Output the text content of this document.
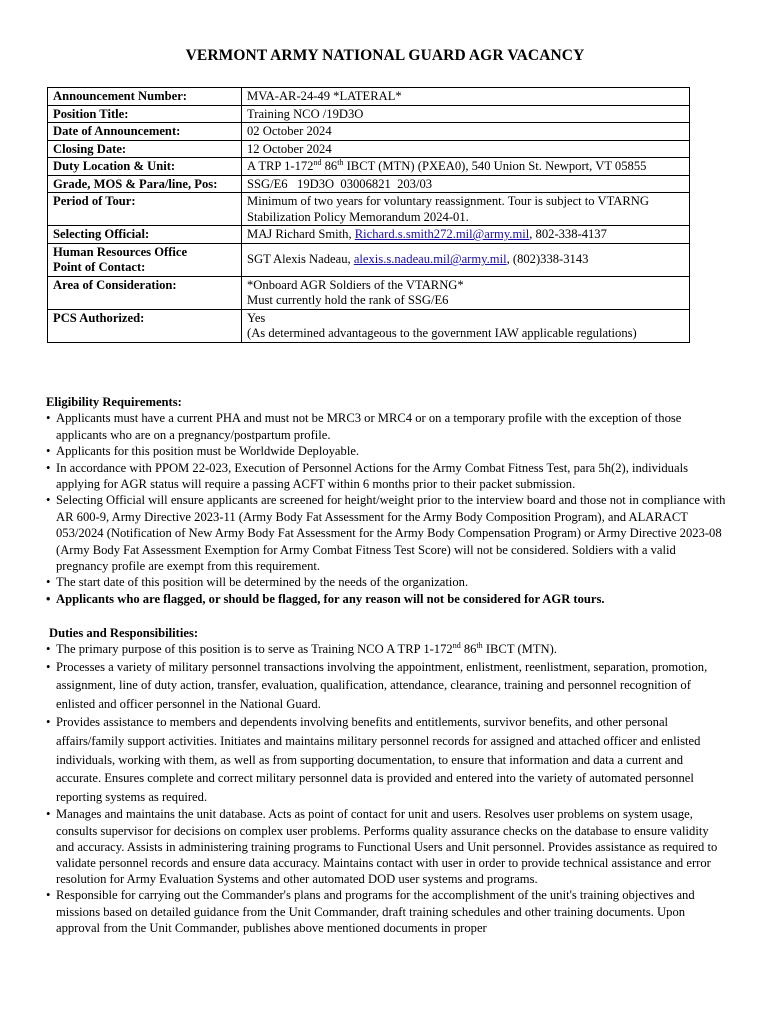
VERMONT ARMY NATIONAL GUARD AGR VACANCY
Announcement Number:	MVA-AR-24-49 *LATERAL*
Position Title:	Training NCO /19D3O
Date of Announcement:	02 October 2024
Closing Date:	12 October 2024
Duty Location & Unit:	A TRP 1-172nd 86th IBCT (MTN) (PXEA0), 540 Union St. Newport, VT 05855
Grade, MOS & Para/line, Pos:	SSG/E6   19D3O  03006821  203/03
Period of Tour:	Minimum of two years for voluntary reassignment. Tour is subject to VTARNG Stabilization Policy Memorandum 2024-01.
Selecting Official:	MAJ Richard Smith, Richard.s.smith272.mil@army.mil, 802-338-4137
Human Resources Office
Point of Contact:	SGT Alexis Nadeau, alexis.s.nadeau.mil@army.mil, (802)338-3143
Area of Consideration:	*Onboard AGR Soldiers of the VTARNG*
Must currently hold the rank of SSG/E6
PCS Authorized:	Yes
(As determined advantageous to the government IAW applicable regulations)
Eligibility Requirements:
• Applicants must have a current PHA and must not be MRC3 or MRC4 or on a temporary profile with the exception of those applicants who are on a pregnancy/postpartum profile.
• Applicants for this position must be Worldwide Deployable.
• In accordance with PPOM 22-023, Execution of Personnel Actions for the Army Combat Fitness Test, para 5h(2), individuals applying for AGR status will require a passing ACFT within 6 months prior to their packet submission.
• Selecting Official will ensure applicants are screened for height/weight prior to the interview board and those not in compliance with AR 600-9, Army Directive 2023-11 (Army Body Fat Assessment for the Army Body Composition Program), and ALARACT 053/2024 (Notification of New Army Body Fat Assessment for the Army Body Compensation Program) or Army Directive 2023-08 (Army Body Fat Assessment Exemption for Army Combat Fitness Test Score) will not be considered. Soldiers with a valid pregnancy profile are exempt from this requirement.
• The start date of this position will be determined by the needs of the organization.
• Applicants who are flagged, or should be flagged, for any reason will not be considered for AGR tours.
Duties and Responsibilities:
• The primary purpose of this position is to serve as Training NCO A TRP 1-172nd 86th IBCT (MTN).
• Processes a variety of military personnel transactions involving the appointment, enlistment, reenlistment, separation, promotion, assignment, line of duty action, transfer, evaluation, qualification, attendance, clearance, training and personnel recognition of enlisted and officer personnel in the National Guard.
• Provides assistance to members and dependents involving benefits and entitlements, survivor benefits, and other personal affairs/family support activities. Initiates and maintains military personnel records for assigned and attached officer and enlisted individuals, working with them, as well as from supporting documentation, to ensure that information and data a current and accurate. Ensures complete and correct military personnel data is provided and entered into the variety of automated personnel reporting systems as required.
• Manages and maintains the unit database. Acts as point of contact for unit and users. Resolves user problems on system usage, consults supervisor for decisions on complex user problems. Performs quality assurance checks on the database to ensure validity and accuracy. Assists in administering training programs to Functional Users and Unit personnel. Provides assistance as required to validate personnel records and ensure data accuracy. Maintains contact with user in order to provide technical assistance and error resolution for Army Evaluation Systems and other automated DOD user systems and programs.
• Responsible for carrying out the Commander's plans and programs for the accomplishment of the unit's training objectives and missions based on detailed guidance from the Unit Commander, draft training schedules and other training documents. Upon approval from the Unit Commander, publishes above mentioned documents in proper
